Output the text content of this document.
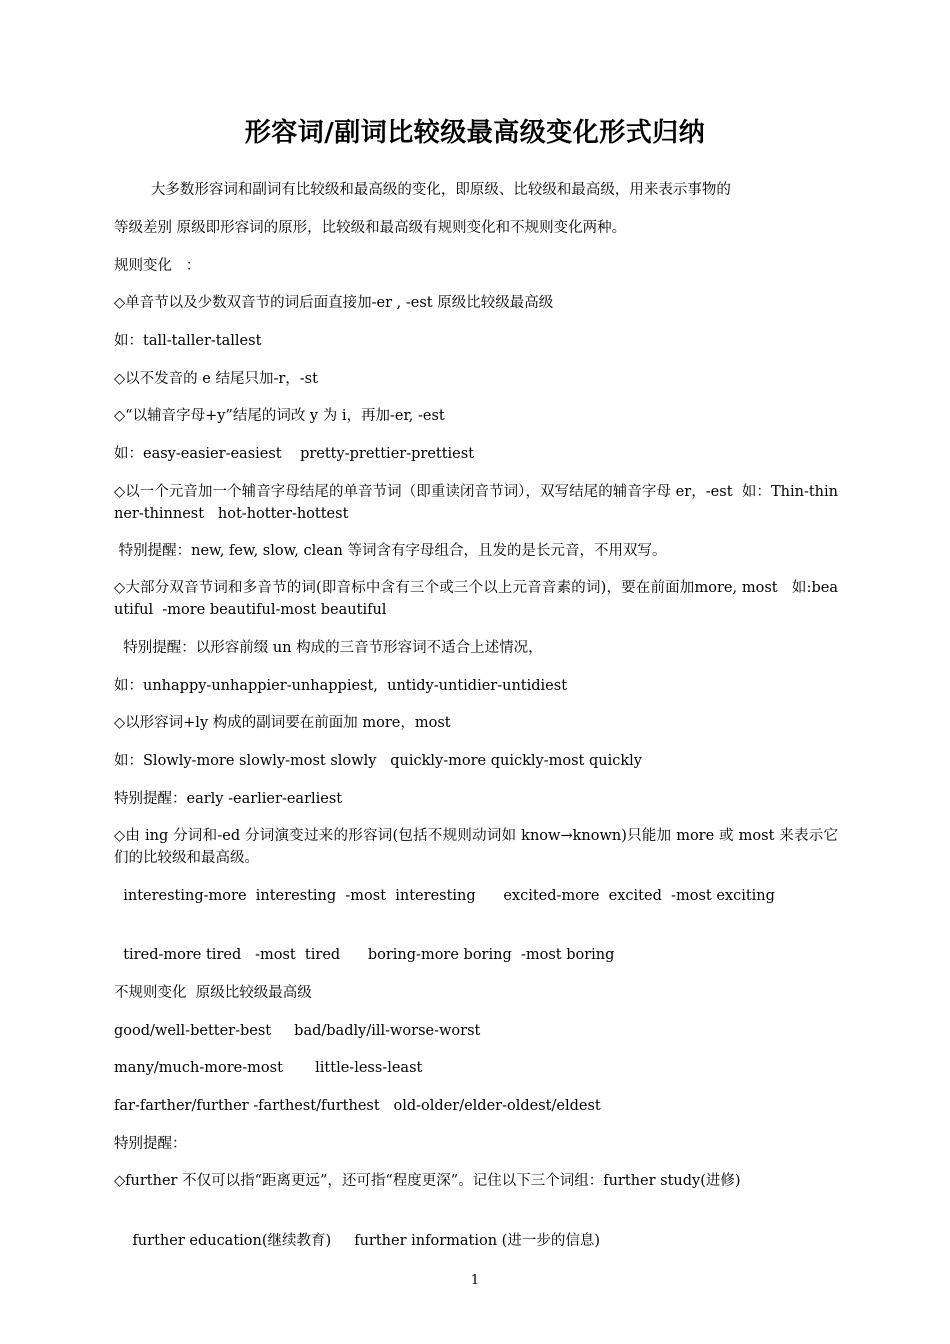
形容词/副词比较级最高级变化形式归纳
大多数形容词和副词有比较级和最高级的变化，即原级、比较级和最高级，用来表示事物的
等级差别 原级即形容词的原形，比较级和最高级有规则变化和不规则变化两种。
规则变化   ：
◇单音节以及少数双音节的词后面直接加-er , -est 原级比较级最高级
如：tall-taller-tallest
◇以不发音的 e 结尾只加-r，-st
◇“以辅音字母+y”结尾的词改 y 为 i，再加-er, -est
如：easy-easier-easiest    pretty-prettier-prettiest
◇以一个元音加一个辅音字母结尾的单音节词（即重读闭音节词），双写结尾的辅音字母 er，-est  如：Thin-thinner-thinnest   hot-hotter-hottest
特别提醒：new, few, slow, clean 等词含有字母组合，且发的是长元音，不用双写。
◇大部分双音节词和多音节的词(即音标中含有三个或三个以上元音音素的词)，要在前面加more, most   如:beautiful  -more beautiful-most beautiful
特别提醒：以形容前缀 un 构成的三音节形容词不适合上述情况，
如：unhappy-unhappier-unhappiest,  untidy-untidier-untidiest
◇以形容词+ly 构成的副词要在前面加 more，most
如：Slowly-more slowly-most slowly   quickly-more quickly-most quickly
特别提醒：early -earlier-earliest
◇由 ing 分词和-ed 分词演变过来的形容词(包括不规则动词如 know→known)只能加 more 或 most 来表示它们的比较级和最高级。
interesting-more  interesting  -most  interesting      excited-more  excited  -most exciting
tired-more tired   -most  tired      boring-more boring  -most boring
不规则变化  原级比较级最高级
good/well-better-best     bad/badly/ill-worse-worst
many/much-more-most       little-less-least
far-farther/further -farthest/furthest   old-older/elder-oldest/eldest
特别提醒：
◇further 不仅可以指“距离更远”，还可指“程度更深”。记住以下三个词组：further study(进修)
further education(继续教育)     further information (进一步的信息)
1
